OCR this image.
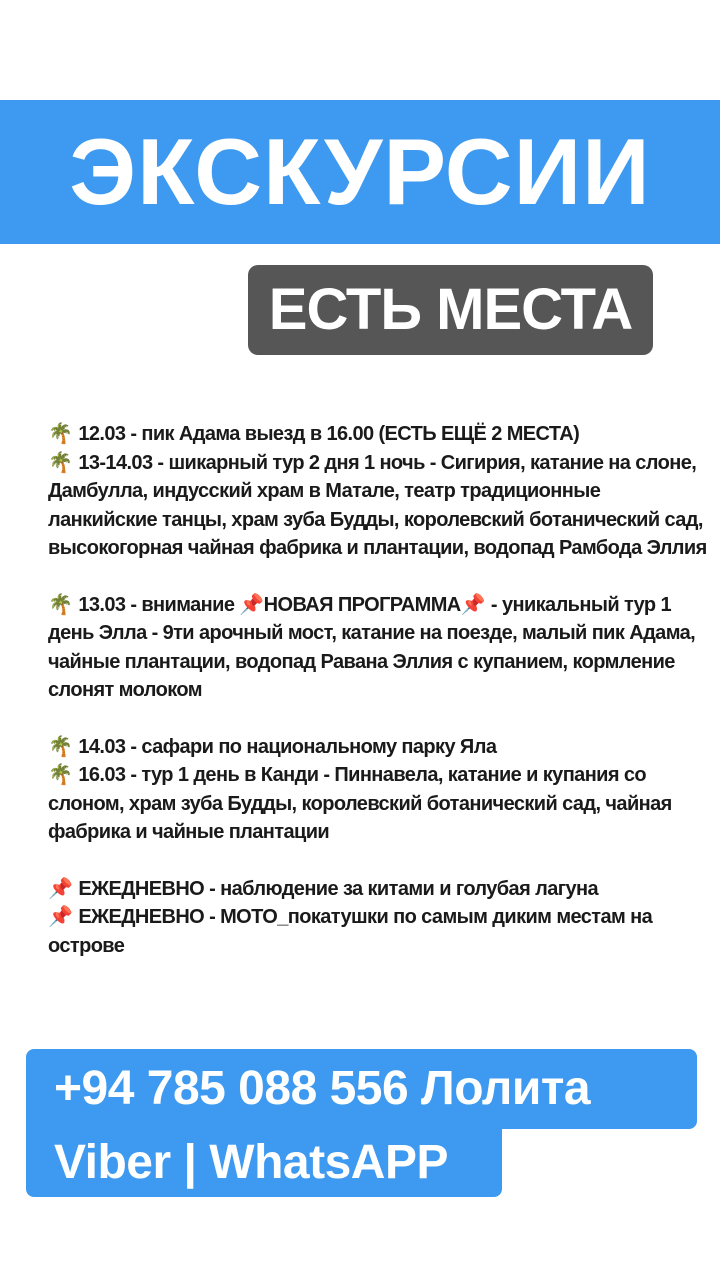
ЭКСКУРСИИ
ЕСТЬ МЕСТА

🌴 12.03 - пик Адама выезд в 16.00 (ЕСТЬ ЕЩЁ 2 МЕСТА)

🌴 13-14.03 - шикарный тур 2 дня 1 ночь - Сигирия, катание на слоне, Дамбулла, индусский храм в Матале, театр традиционные ланкийские танцы, храм зуба Будды, королевский ботанический сад, высокогорная чайная фабрика и плантации, водопад Рамбода Эллия

🌴 13.03 - внимание 📌НОВАЯ ПРОГРАММА📌 - уникальный тур 1 день Элла - 9ти арочный мост, катание на поезде, малый пик Адама, чайные плантации, водопад Равана Эллия с купанием, кормление слонят молоком

🌴 14.03 - сафари по национальному парку Яла

🌴 16.03 - тур 1 день в Канди - Пиннавела, катание и купания со слоном, храм зуба Будды, королевский ботанический сад, чайная фабрика и чайные плантации

📌 ЕЖЕДНЕВНО - наблюдение за китами и голубая лагуна

📌 ЕЖЕДНЕВНО - МОТО_покатушки по самым диким местам на острове

+94 785 088 556 Лолита
Viber | WhatsAPP
